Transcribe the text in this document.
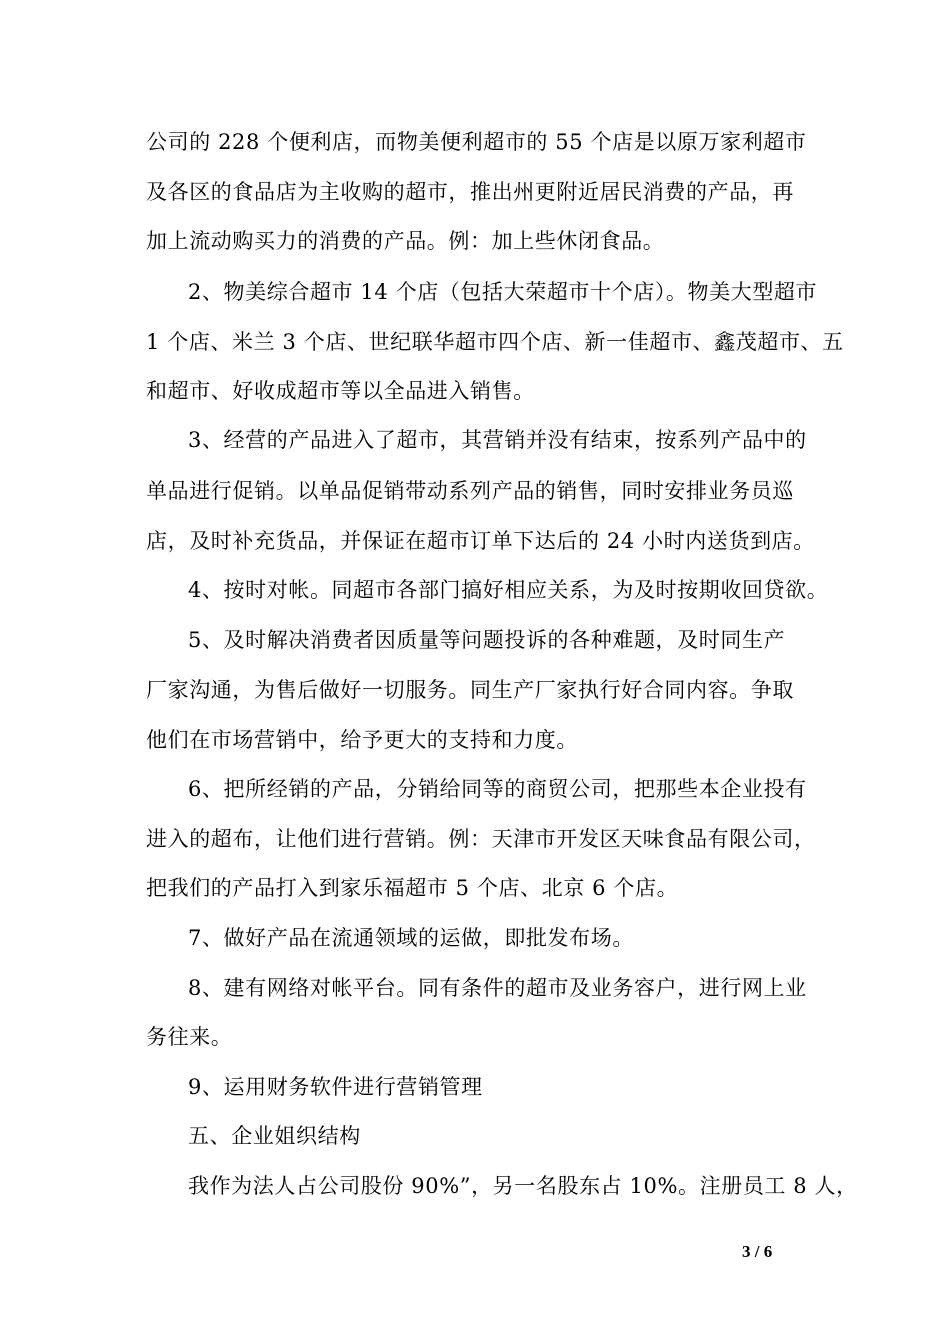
公司的 228 个便利店，而物美便利超市的 55 个店是以原万家利超市
及各区的食品店为主收购的超市，推出州更附近居民消费的产品，再
加上流动购买力的消费的产品。例：加上些休闭食品。
2、物美综合超市 14 个店（包括大荣超市十个店）。物美大型超市
1 个店、米兰 3 个店、世纪联华超市四个店、新一佳超市、鑫茂超市、五
和超市、好收成超市等以全品进入销售。
3、经营的产品进入了超市，其营销并没有结束，按系列产品中的
单品进行促销。以单品促销带动系列产品的销售，同时安排业务员巡
店，及时补充货品，并保证在超市订单下达后的 24 小时内送货到店。
4、按时对帐。同超市各部门搞好相应关系，为及时按期收回贷欲。
5、及时解决消费者因质量等问题投诉的各种难题，及时同生产
厂家沟通，为售后做好一切服务。同生产厂家执行好合同内容。争取
他们在市场营销中，给予更大的支持和力度。
6、把所经销的产品，分销给同等的商贸公司，把那些本企业投有
进入的超布，让他们进行营销。例：天津市开发区天味食品有限公司，
把我们的产品打入到家乐福超市 5 个店、北京 6 个店。
7、做好产品在流通领域的运做，即批发布场。
8、建有网络对帐平台。同有条件的超市及业务容户，进行网上业
务往来。
9、运用财务软件进行营销管理
五、企业姐织结构
我作为法人占公司股份 90%”，另一名股东占 10%。注册员工 8 人，
3 / 6
